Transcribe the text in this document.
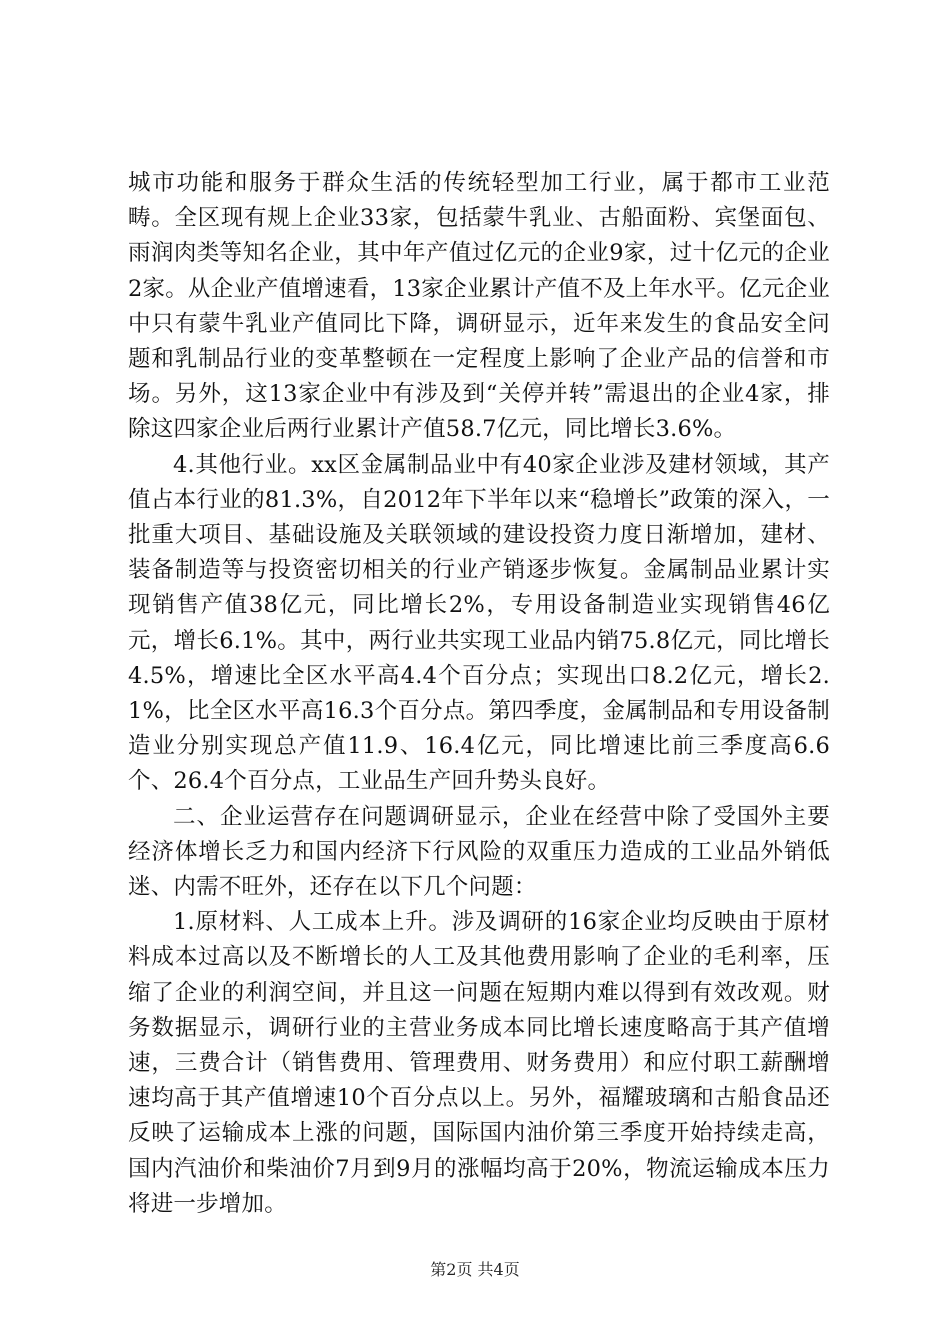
城市功能和服务于群众生活的传统轻型加工行业，属于都市工业范畴。全区现有规上企业33家，包括蒙牛乳业、古船面粉、宾堡面包、雨润肉类等知名企业，其中年产值过亿元的企业9家，过十亿元的企业2家。从企业产值增速看，13家企业累计产值不及上年水平。亿元企业中只有蒙牛乳业产值同比下降，调研显示，近年来发生的食品安全问题和乳制品行业的变革整顿在一定程度上影响了企业产品的信誉和市场。另外，这13家企业中有涉及到“关停并转”需退出的企业4家，排除这四家企业后两行业累计产值58.7亿元，同比增长3.6%。

4.其他行业。xx区金属制品业中有40家企业涉及建材领域，其产值占本行业的81.3%，自2012年下半年以来“稳增长”政策的深入，一批重大项目、基础设施及关联领域的建设投资力度日渐增加，建材、装备制造等与投资密切相关的行业产销逐步恢复。金属制品业累计实现销售产值38亿元，同比增长2%，专用设备制造业实现销售46亿元，增长6.1%。其中，两行业共实现工业品内销75.8亿元，同比增长4.5%，增速比全区水平高4.4个百分点；实现出口8.2亿元，增长2.1%，比全区水平高16.3个百分点。第四季度，金属制品和专用设备制造业分别实现总产值11.9、16.4亿元，同比增速比前三季度高6.6个、26.4个百分点，工业品生产回升势头良好。

二、企业运营存在问题调研显示，企业在经营中除了受国外主要经济体增长乏力和国内经济下行风险的双重压力造成的工业品外销低迷、内需不旺外，还存在以下几个问题：

1.原材料、人工成本上升。涉及调研的16家企业均反映由于原材料成本过高以及不断增长的人工及其他费用影响了企业的毛利率，压缩了企业的利润空间，并且这一问题在短期内难以得到有效改观。财务数据显示，调研行业的主营业务成本同比增长速度略高于其产值增速，三费合计（销售费用、管理费用、财务费用）和应付职工薪酬增速均高于其产值增速10个百分点以上。另外，福耀玻璃和古船食品还反映了运输成本上涨的问题，国际国内油价第三季度开始持续走高，国内汽油价和柴油价7月到9月的涨幅均高于20%，物流运输成本压力将进一步增加。

第2页 共4页
